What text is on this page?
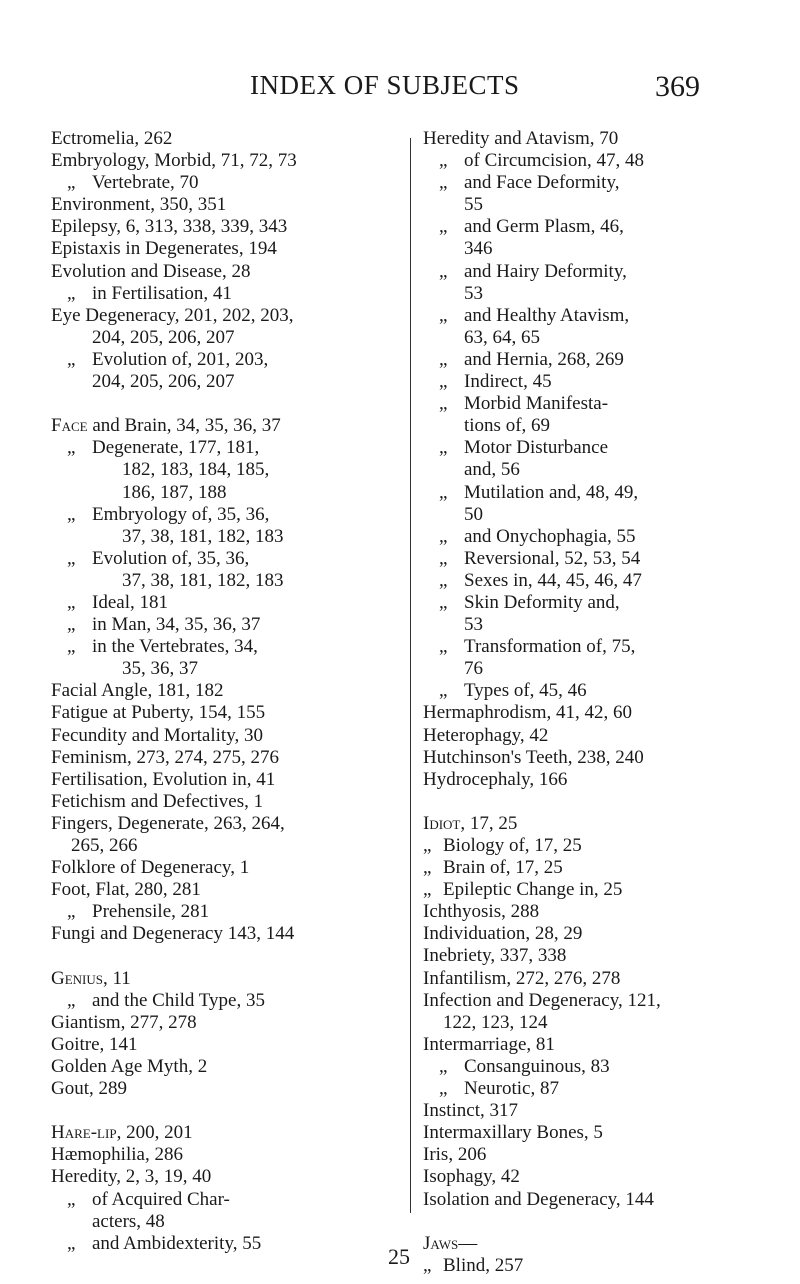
INDEX OF SUBJECTS	369
Ectromelia, 262
Embryology, Morbid, 71, 72, 73
„ Vertebrate, 70
Environment, 350, 351
Epilepsy, 6, 313, 338, 339, 343
Epistaxis in Degenerates, 194
Evolution and Disease, 28
„ in Fertilisation, 41
Eye Degeneracy, 201, 202, 203,
204, 205, 206, 207
„ Evolution of, 201, 203,
204, 205, 206, 207
Face and Brain, 34, 35, 36, 37
„ Degenerate, 177, 181,
182, 183, 184, 185,
186, 187, 188
„ Embryology of, 35, 36,
37, 38, 181, 182, 183
„ Evolution of, 35, 36,
37, 38, 181, 182, 183
„ Ideal, 181
„ in Man, 34, 35, 36, 37
„ in the Vertebrates, 34,
35, 36, 37
Facial Angle, 181, 182
Fatigue at Puberty, 154, 155
Fecundity and Mortality, 30
Feminism, 273, 274, 275, 276
Fertilisation, Evolution in, 41
Fetichism and Defectives, 1
Fingers, Degenerate, 263, 264,
265, 266
Folklore of Degeneracy, 1
Foot, Flat, 280, 281
„ Prehensile, 281
Fungi and Degeneracy 143, 144
Genius, 11
„ and the Child Type, 35
Giantism, 277, 278
Goitre, 141
Golden Age Myth, 2
Gout, 289
Hare-lip, 200, 201
Hæmophilia, 286
Heredity, 2, 3, 19, 40
„ of Acquired Char-
acters, 48
„ and Ambidexterity, 55
Heredity and Atavism, 70
„ of Circumcision, 47, 48
„ and Face Deformity,
55
„ and Germ Plasm, 46,
346
„ and Hairy Deformity,
53
„ and Healthy Atavism,
63, 64, 65
„ and Hernia, 268, 269
„ Indirect, 45
„ Morbid Manifesta-
tions of, 69
„ Motor Disturbance
and, 56
„ Mutilation and, 48, 49,
50
„ and Onychophagia, 55
„ Reversional, 52, 53, 54
„ Sexes in, 44, 45, 46, 47
„ Skin Deformity and,
53
„ Transformation of, 75,
76
„ Types of, 45, 46
Hermaphrodism, 41, 42, 60
Heterophagy, 42
Hutchinson's Teeth, 238, 240
Hydrocephaly, 166
Idiot, 17, 25
„ Biology of, 17, 25
„ Brain of, 17, 25
„ Epileptic Change in, 25
Ichthyosis, 288
Individuation, 28, 29
Inebriety, 337, 338
Infantilism, 272, 276, 278
Infection and Degeneracy, 121,
122, 123, 124
Intermarriage, 81
„ Consanguinous, 83
„ Neurotic, 87
Instinct, 317
Intermaxillary Bones, 5
Iris, 206
Isophagy, 42
Isolation and Degeneracy, 144
Jaws—
„ Blind, 257
25
